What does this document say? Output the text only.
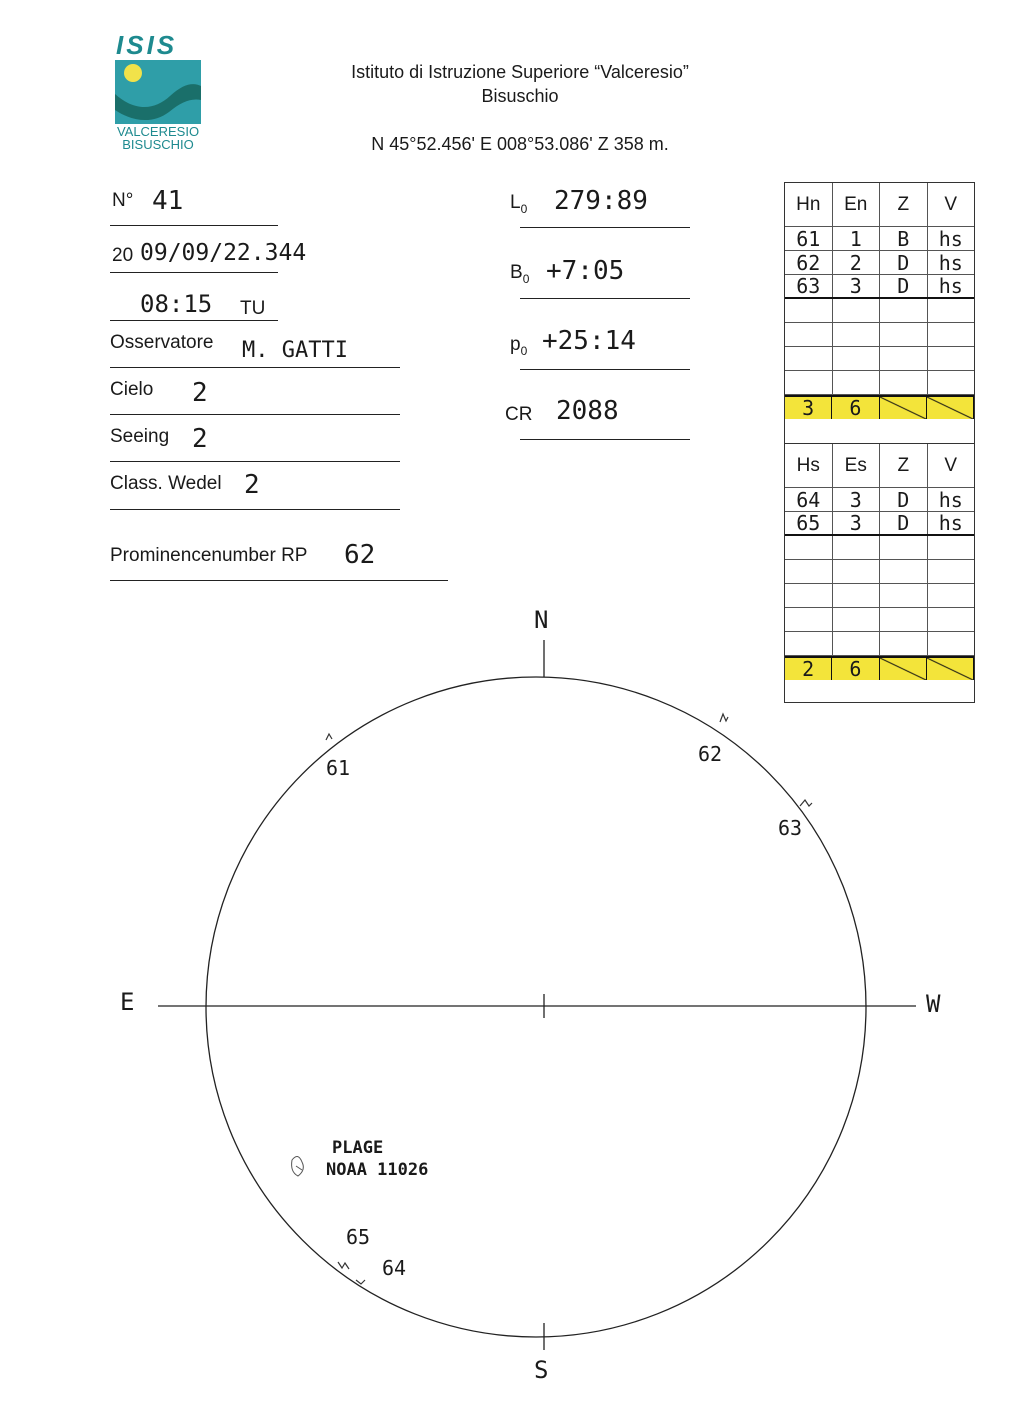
ISIS
VALCERESIO
BISUSCHIO
Istituto di Istruzione Superiore “Valceresio”
Bisuschio
N 45°52.456' E 008°53.086' Z 358 m.
N° 41
20 09/09/22.344
08:15 TU
Osservatore M. GATTI
Cielo 2
Seeing 2
Class. Wedel 2
Prominencenumber RP 62
$L_0$ 279:89
$B_0$ +7:05
$p_0$ +25:14
CR 2088
Hn	En	Z	V
61	1	B	hs
62	2	D	hs
63	3	D	hs
3	6
Hs	Es	Z	V
64	3	D	hs
65	3	D	hs
2	6
N
S
E	W
61
62
63
65
64
PLAGE
NOAA 11026
